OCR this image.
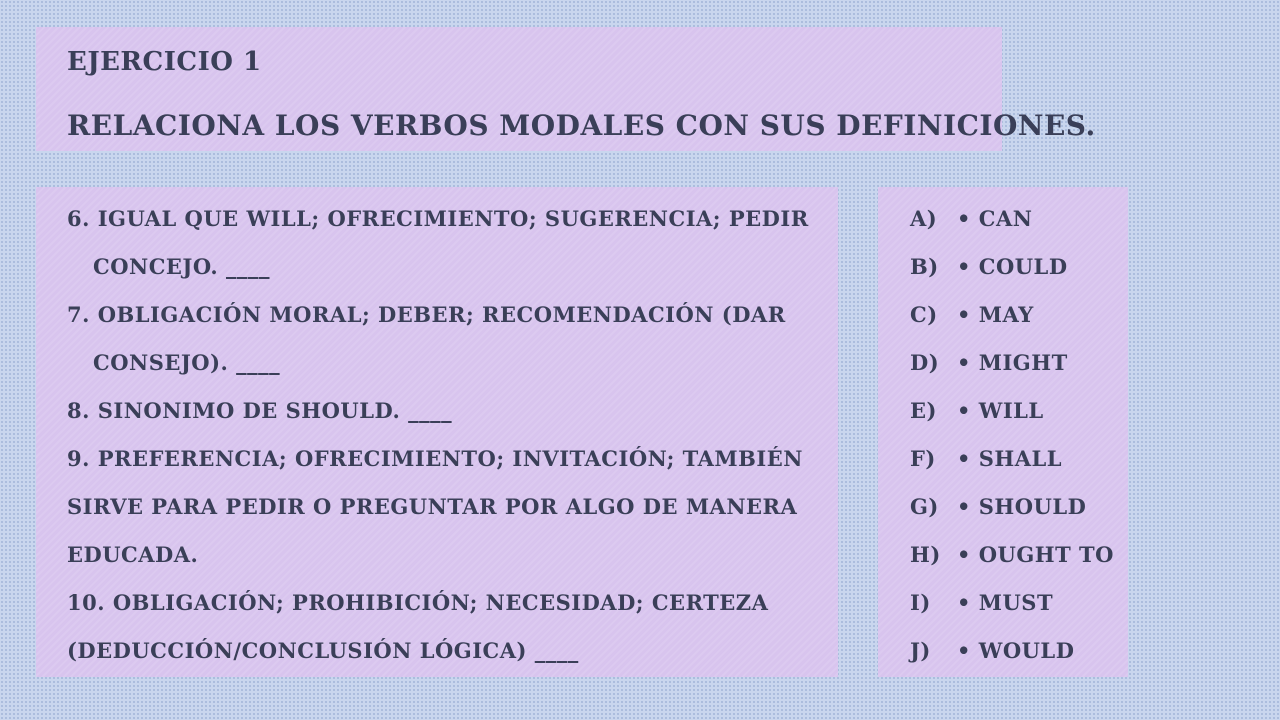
EJERCICIO 1
RELACIONA LOS VERBOS MODALES CON SUS DEFINICIONES.
6. IGUAL QUE WILL; OFRECIMIENTO; SUGERENCIA; PEDIR
CONCEJO. ____
7. OBLIGACIÓN MORAL; DEBER; RECOMENDACIÓN (DAR
CONSEJO). ____
8. SINONIMO DE SHOULD. ____
9. PREFERENCIA; OFRECIMIENTO; INVITACIÓN; TAMBIÉN
SIRVE PARA PEDIR O PREGUNTAR POR ALGO DE MANERA
EDUCADA.
10. OBLIGACIÓN; PROHIBICIÓN; NECESIDAD; CERTEZA
(DEDUCCIÓN/CONCLUSIÓN LÓGICA) ____
A) • CAN
B) • COULD
C) • MAY
D) • MIGHT
E) • WILL
F) • SHALL
G) • SHOULD
H) • OUGHT TO
I) • MUST
J) • WOULD
